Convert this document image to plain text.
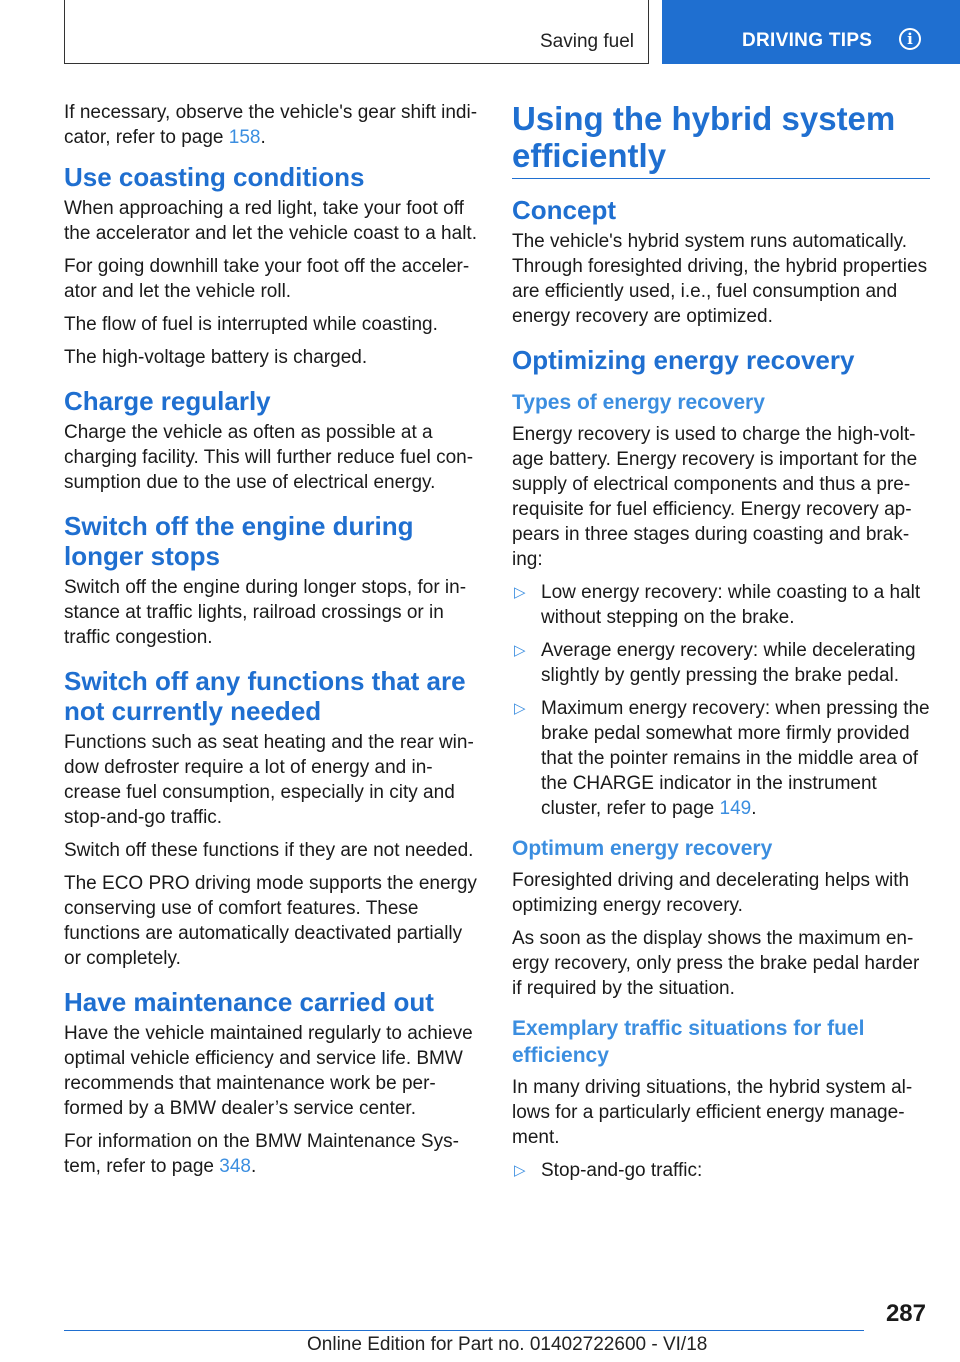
Saving fuel	DRIVING TIPS	i

If necessary, observe the vehicle's gear shift indicator, refer to page 158.

Use coasting conditions

When approaching a red light, take your foot off the accelerator and let the vehicle coast to a halt.

For going downhill take your foot off the accelerator and let the vehicle roll.

The flow of fuel is interrupted while coasting.

The high-voltage battery is charged.

Charge regularly

Charge the vehicle as often as possible at a charging facility. This will further reduce fuel consumption due to the use of electrical energy.

Switch off the engine during longer stops

Switch off the engine during longer stops, for instance at traffic lights, railroad crossings or in traffic congestion.

Switch off any functions that are not currently needed

Functions such as seat heating and the rear window defroster require a lot of energy and increase fuel consumption, especially in city and stop-and-go traffic.

Switch off these functions if they are not needed.

The ECO PRO driving mode supports the energy conserving use of comfort features. These functions are automatically deactivated partially or completely.

Have maintenance carried out

Have the vehicle maintained regularly to achieve optimal vehicle efficiency and service life. BMW recommends that maintenance work be performed by a BMW dealer’s service center.

For information on the BMW Maintenance System, refer to page 348.

Using the hybrid system efficiently
Concept

The vehicle's hybrid system runs automatically. Through foresighted driving, the hybrid properties are efficiently used, i.e., fuel consumption and energy recovery are optimized.

Optimizing energy recovery
Types of energy recovery

Energy recovery is used to charge the high-voltage battery. Energy recovery is important for the supply of electrical components and thus a prerequisite for fuel efficiency. Energy recovery appears in three stages during coasting and braking:

▷ Low energy recovery: while coasting to a halt without stepping on the brake.
▷ Average energy recovery: while decelerating slightly by gently pressing the brake pedal.
▷ Maximum energy recovery: when pressing the brake pedal somewhat more firmly provided that the pointer remains in the middle area of the CHARGE indicator in the instrument cluster, refer to page 149.
Optimum energy recovery

Foresighted driving and decelerating helps with optimizing energy recovery.

As soon as the display shows the maximum energy recovery, only press the brake pedal harder if required by the situation.

Exemplary traffic situations for fuel efficiency

In many driving situations, the hybrid system allows for a particularly efficient energy management.

▷ Stop-and-go traffic:
287
Online Edition for Part no. 01402722600 - VI/18
